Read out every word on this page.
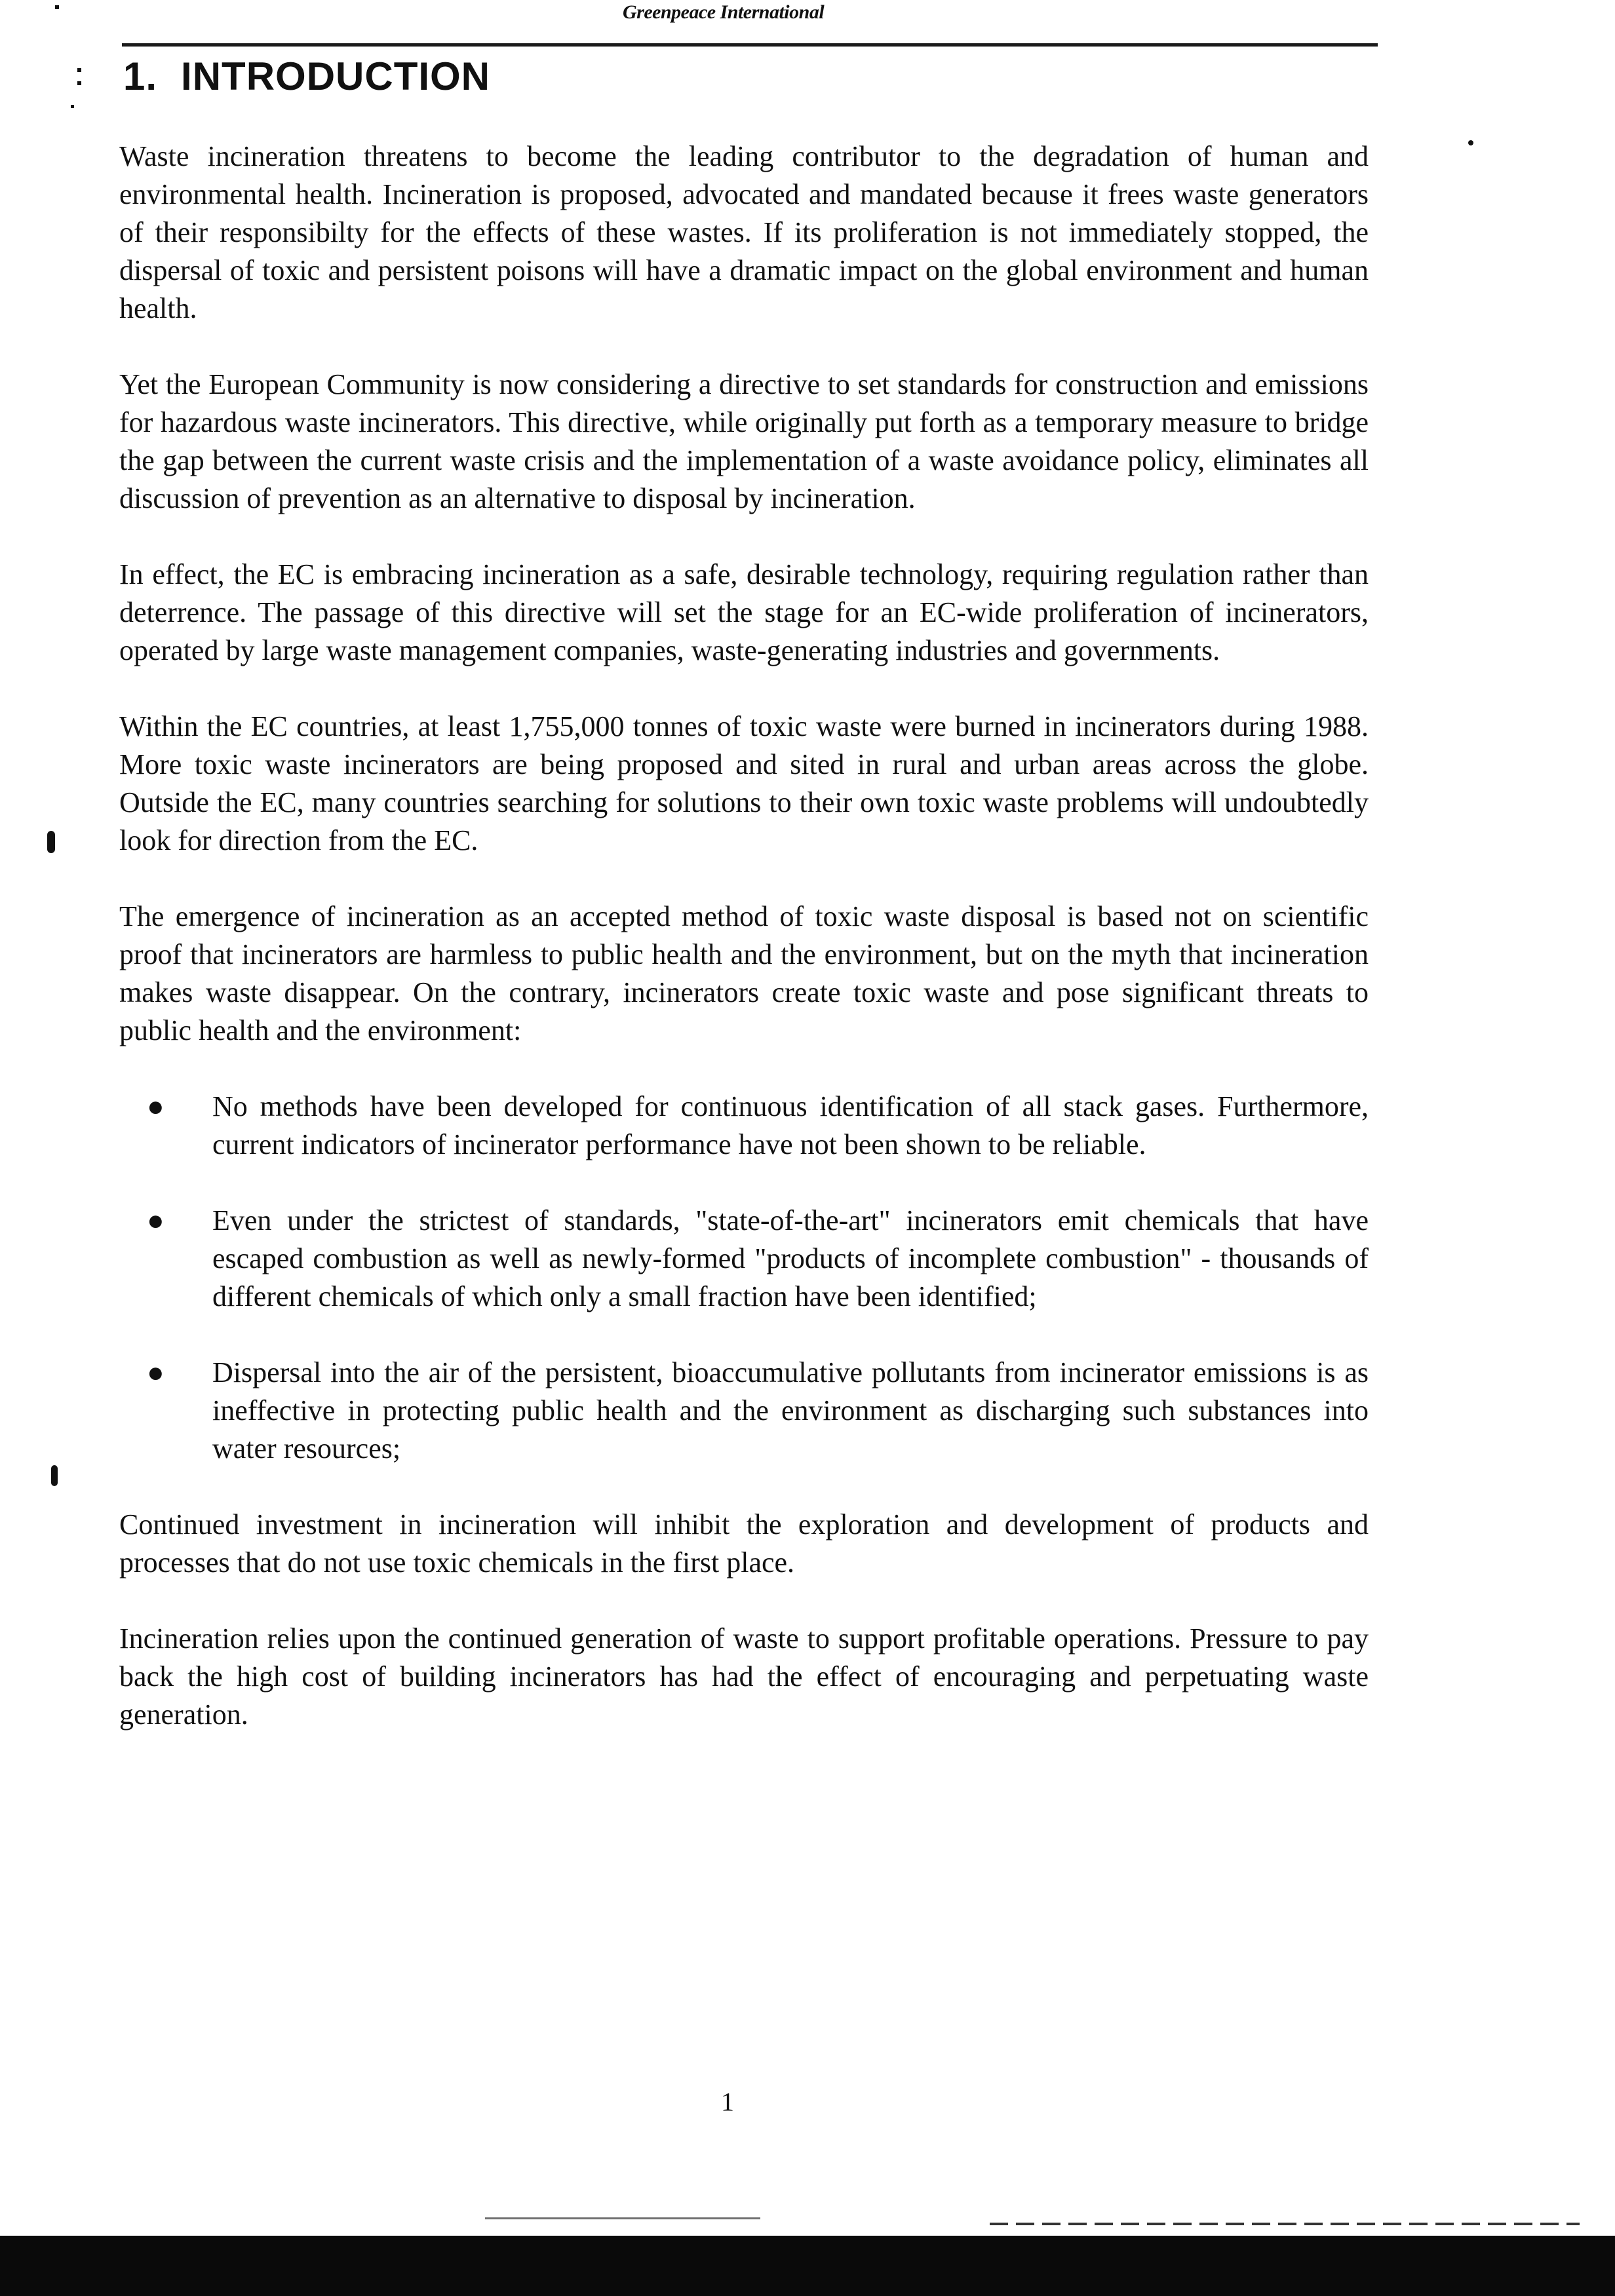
Greenpeace International
1. INTRODUCTION

Waste incineration threatens to become the leading contributor to the degradation of human and environmental health. Incineration is proposed, advocated and mandated because it frees waste generators of their responsibilty for the effects of these wastes. If its proliferation is not immediately stopped, the dispersal of toxic and persistent poisons will have a dramatic impact on the global environment and human health.

Yet the European Community is now considering a directive to set standards for construction and emissions for hazardous waste incinerators. This directive, while originally put forth as a temporary measure to bridge the gap between the current waste crisis and the implementation of a waste avoidance policy, eliminates all discussion of prevention as an alternative to disposal by incineration.

In effect, the EC is embracing incineration as a safe, desirable technology, requiring regulation rather than deterrence. The passage of this directive will set the stage for an EC-wide proliferation of incinerators, operated by large waste management companies, waste-generating industries and governments.

Within the EC countries, at least 1,755,000 tonnes of toxic waste were burned in incinerators during 1988. More toxic waste incinerators are being proposed and sited in rural and urban areas across the globe. Outside the EC, many countries searching for solutions to their own toxic waste problems will undoubtedly look for direction from the EC.

The emergence of incineration as an accepted method of toxic waste disposal is based not on scientific proof that incinerators are harmless to public health and the environment, but on the myth that incineration makes waste disappear. On the contrary, incinerators create toxic waste and pose significant threats to public health and the environment:

● No methods have been developed for continuous identification of all stack gases. Furthermore, current indicators of incinerator performance have not been shown to be reliable.
● Even under the strictest of standards, "state-of-the-art" incinerators emit chemicals that have escaped combustion as well as newly-formed "products of incomplete combustion" - thousands of different chemicals of which only a small fraction have been identified;
● Dispersal into the air of the persistent, bioaccumulative pollutants from incinerator emissions is as ineffective in protecting public health and the environment as discharging such substances into water resources;

Continued investment in incineration will inhibit the exploration and development of products and processes that do not use toxic chemicals in the first place.

Incineration relies upon the continued generation of waste to support profitable operations. Pressure to pay back the high cost of building incinerators has had the effect of encouraging and perpetuating waste generation.

1
